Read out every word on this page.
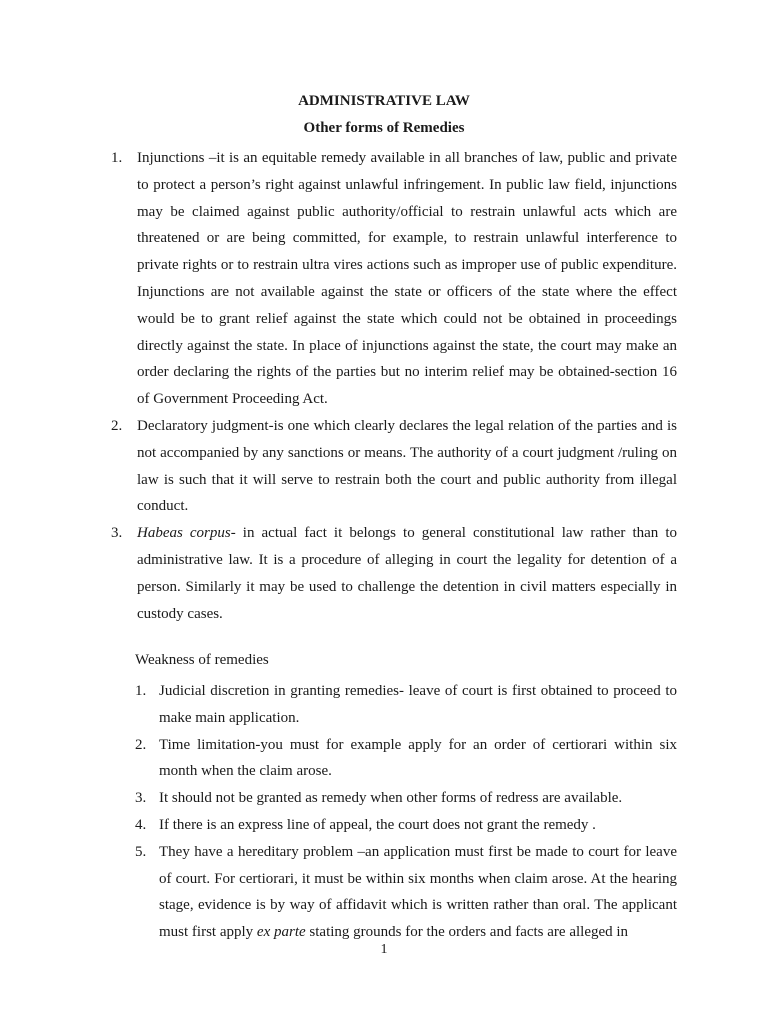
ADMINISTRATIVE LAW
Other forms of Remedies
1. Injunctions –it is an equitable remedy available in all branches of law, public and private to protect a person’s right against unlawful infringement. In public law field, injunctions may be claimed against public authority/official to restrain unlawful acts which are threatened or are being committed, for example, to restrain unlawful interference to private rights or to restrain ultra vires actions such as improper use of public expenditure. Injunctions are not available against the state or officers of the state where the effect would be to grant relief against the state which could not be obtained in proceedings directly against the state. In place of injunctions against the state, the court may make an order declaring the rights of the parties but no interim relief may be obtained-section 16 of Government Proceeding Act.
2. Declaratory judgment-is one which clearly declares the legal relation of the parties and is not accompanied by any sanctions or means. The authority of a court judgment /ruling on law is such that it will serve to restrain both the court and public authority from illegal conduct.
3. Habeas corpus- in actual fact it belongs to general constitutional law rather than to administrative law. It is a procedure of alleging in court the legality for detention of a person. Similarly it may be used to challenge the detention in civil matters especially in custody cases.
Weakness of remedies
1. Judicial discretion in granting remedies- leave of court is first obtained to proceed to make main application.
2. Time limitation-you must for example apply for an order of certiorari within six month when the claim arose.
3. It should not be granted as remedy when other forms of redress are available.
4. If there is an express line of appeal, the court does not grant the remedy .
5. They have a hereditary problem –an application must first be made to court for leave of court. For certiorari, it must be within six months when claim arose. At the hearing stage, evidence is by way of affidavit which is written rather than oral. The applicant must first apply ex parte stating grounds for the orders and facts are alleged in
1
